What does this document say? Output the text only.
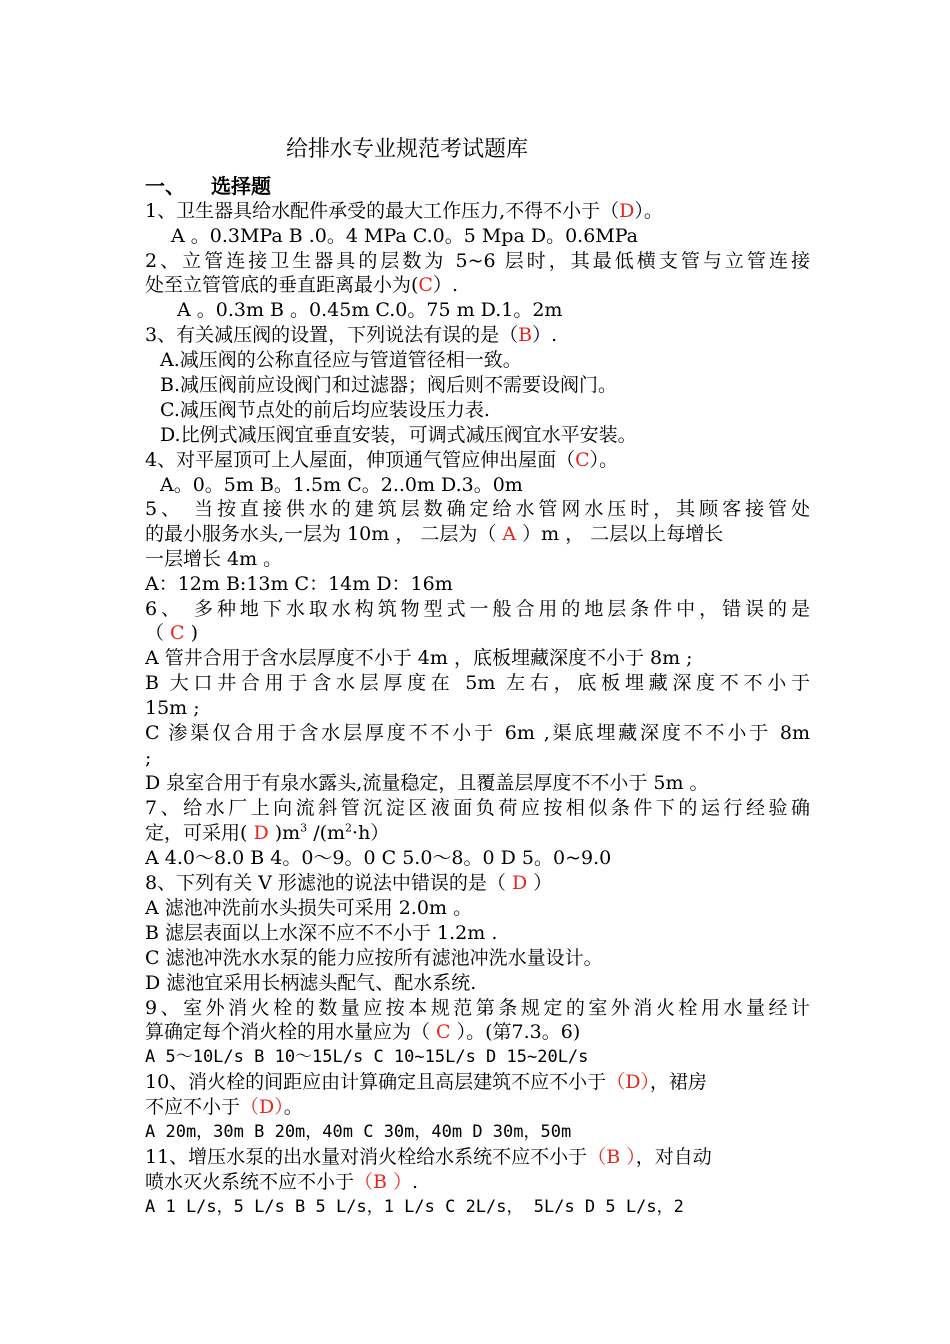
给排水专业规范考试题库
一、 选择题
1、卫生器具给水配件承受的最大工作压力,不得不小于（D）。
A 。0.3MPa B .0。4 MPa C.0。5 Mpa D。0.6MPa
2、立管连接卫生器具的层数为 5~6 层时，其最低横支管与立管连接
处至立管管底的垂直距离最小为(C）.
A 。0.3m B 。0.45m C.0。75 m D.1。2m
3、有关减压阀的设置，下列说法有误的是（B）.
A.减压阀的公称直径应与管道管径相一致。
B.减压阀前应设阀门和过滤器；阀后则不需要设阀门。
C.减压阀节点处的前后均应装设压力表.
D.比例式减压阀宜垂直安装，可调式减压阀宜水平安装。
4、对平屋顶可上人屋面，伸顶通气管应伸出屋面（C）。
A。0。5m B。1.5m C。2..0m D.3。0m
5、 当按直接供水的建筑层数确定给水管网水压时，其顾客接管处
的最小服务水头,一层为 10m ， 二层为（ A ）m ， 二层以上每增长
一层增长 4m 。
A：12m B:13m C：14m D：16m
6、 多种地下水取水构筑物型式一般合用的地层条件中，错误的是
（ C )
A 管井合用于含水层厚度不小于 4m ，底板埋藏深度不小于 8m ;
B 大口井合用于含水层厚度在 5m 左右，底板埋藏深度不不小于
15m ;
C 渗渠仅合用于含水层厚度不不小于 6m ,渠底埋藏深度不不小于 8m
;
D 泉室合用于有泉水露头,流量稳定，且覆盖层厚度不不小于 5m 。
7、给水厂上向流斜管沉淀区液面负荷应按相似条件下的运行经验确
定，可采用( D )$m^3$ $/(m^2\cdot h)$
A 4.0～8.0 B 4。0～9。0 C 5.0～8。0 D 5。0~9.0
8、下列有关 V 形滤池的说法中错误的是（ D ）
A 滤池冲洗前水头损失可采用 2.0m 。
B 滤层表面以上水深不应不不小于 1.2m .
C 滤池冲洗水水泵的能力应按所有滤池冲洗水量设计。
D 滤池宜采用长柄滤头配气、配水系统.
9、室外消火栓的数量应按本规范第条规定的室外消火栓用水量经计
算确定每个消火栓的用水量应为（ C ）。(第7.3。6)
A 5～10L/s B 10～15L/s C 10~15L/s D 15~20L/s
10、消火栓的间距应由计算确定且高层建筑不应不小于（D），裙房
不应不小于（D）。
A 20m，30m B 20m，40m C 30m，40m D 30m，50m
11、增压水泵的出水量对消火栓给水系统不应不小于（B ），对自动
喷水灭火系统不应不小于（B ）.
A 1 L/s，5 L/s B 5 L/s，1 L/s C 2L/s， 5L/s D 5 L/s，2
